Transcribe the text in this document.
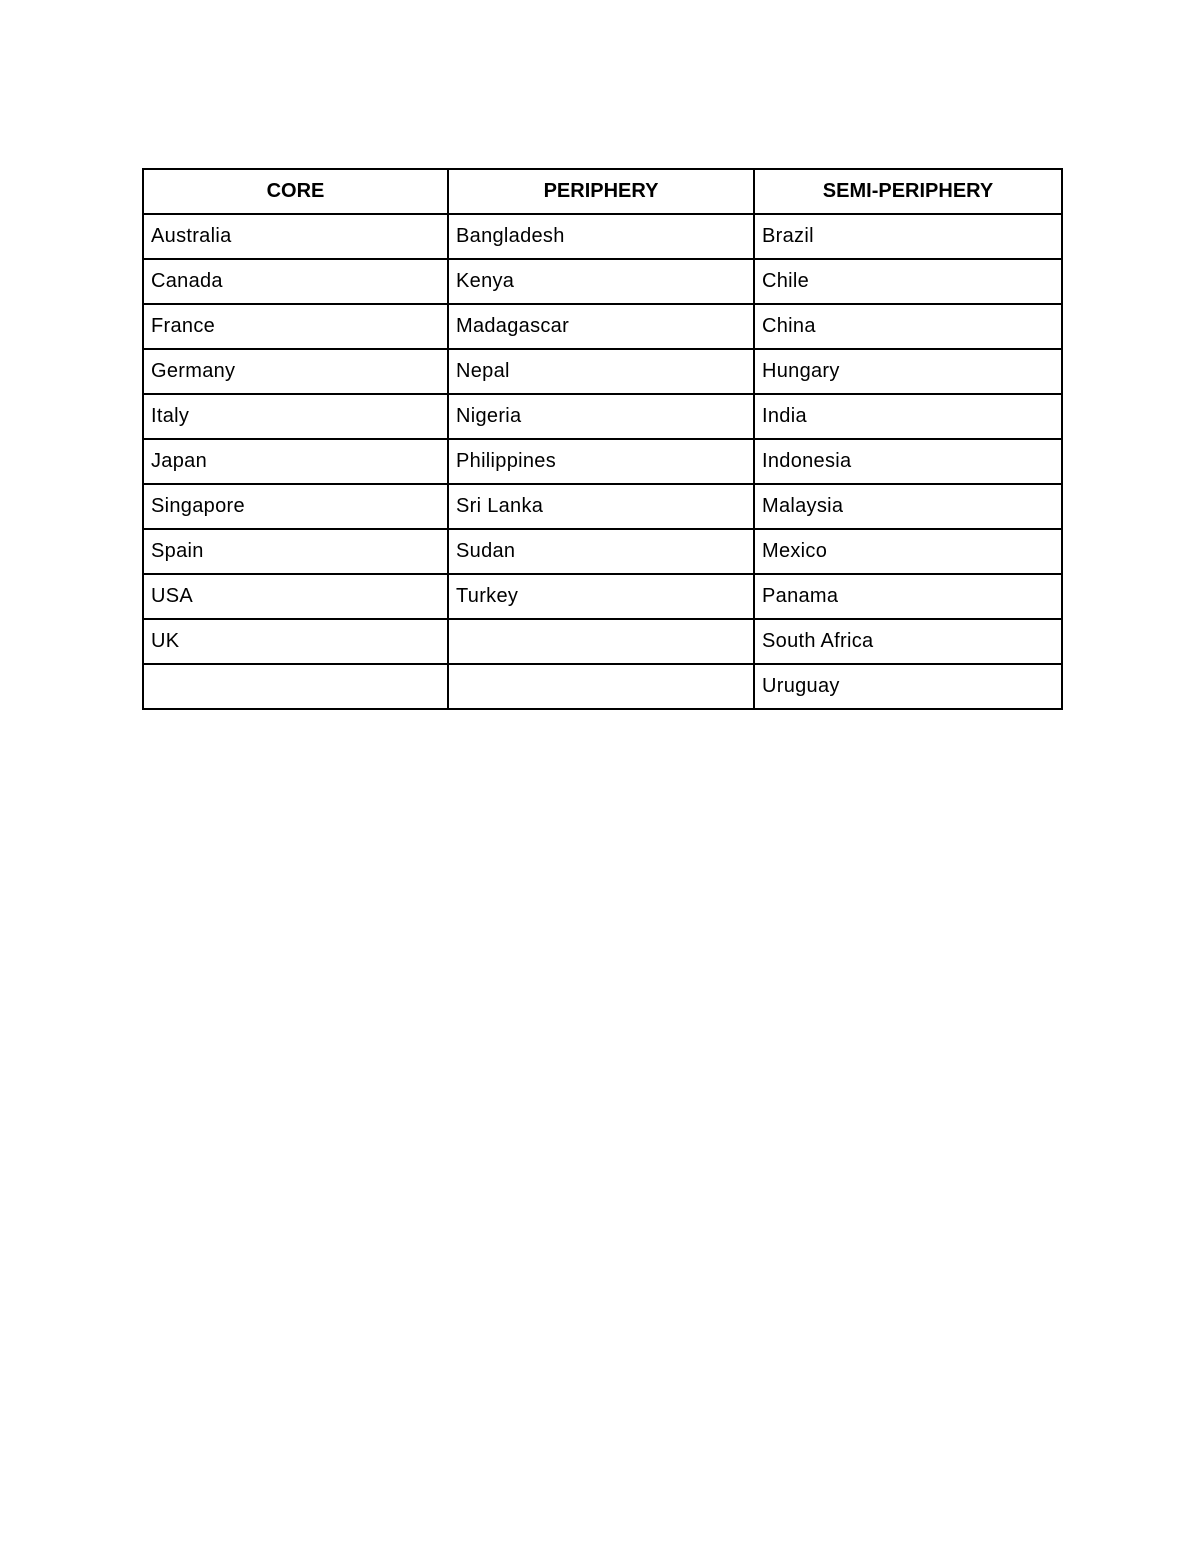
CORE	PERIPHERY	SEMI-PERIPHERY
Australia	Bangladesh	Brazil
Canada	Kenya	Chile
France	Madagascar	China
Germany	Nepal	Hungary
Italy	Nigeria	India
Japan	Philippines	Indonesia
Singapore	Sri Lanka	Malaysia
Spain	Sudan	Mexico
USA	Turkey	Panama
UK		South Africa
		Uruguay
